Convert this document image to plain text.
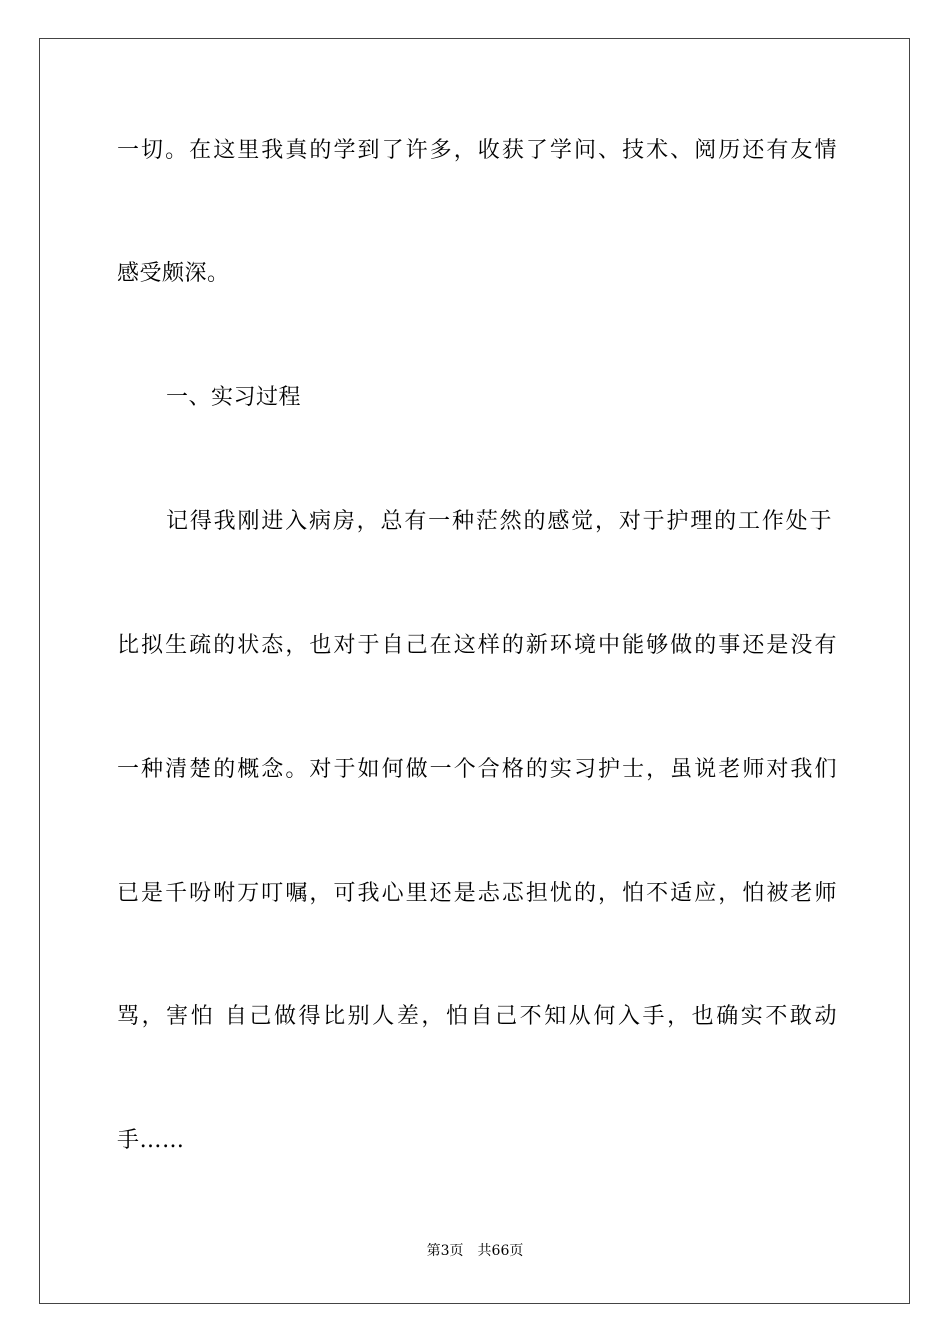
一切。在这里我真的学到了许多，收获了学问、技术、阅历还有友情
感受颇深。
一、实习过程
记得我刚进入病房，总有一种茫然的感觉，对于护理的工作处于
比拟生疏的状态，也对于自己在这样的新环境中能够做的事还是没有
一种清楚的概念。对于如何做一个合格的实习护士，虽说老师对我们
已是千吩咐万叮嘱，可我心里还是忐忑担忧的，怕不适应，怕被老师
骂，害怕 自己做得比别人差，怕自己不知从何入手，也确实不敢动
手……
第3页　共66页
